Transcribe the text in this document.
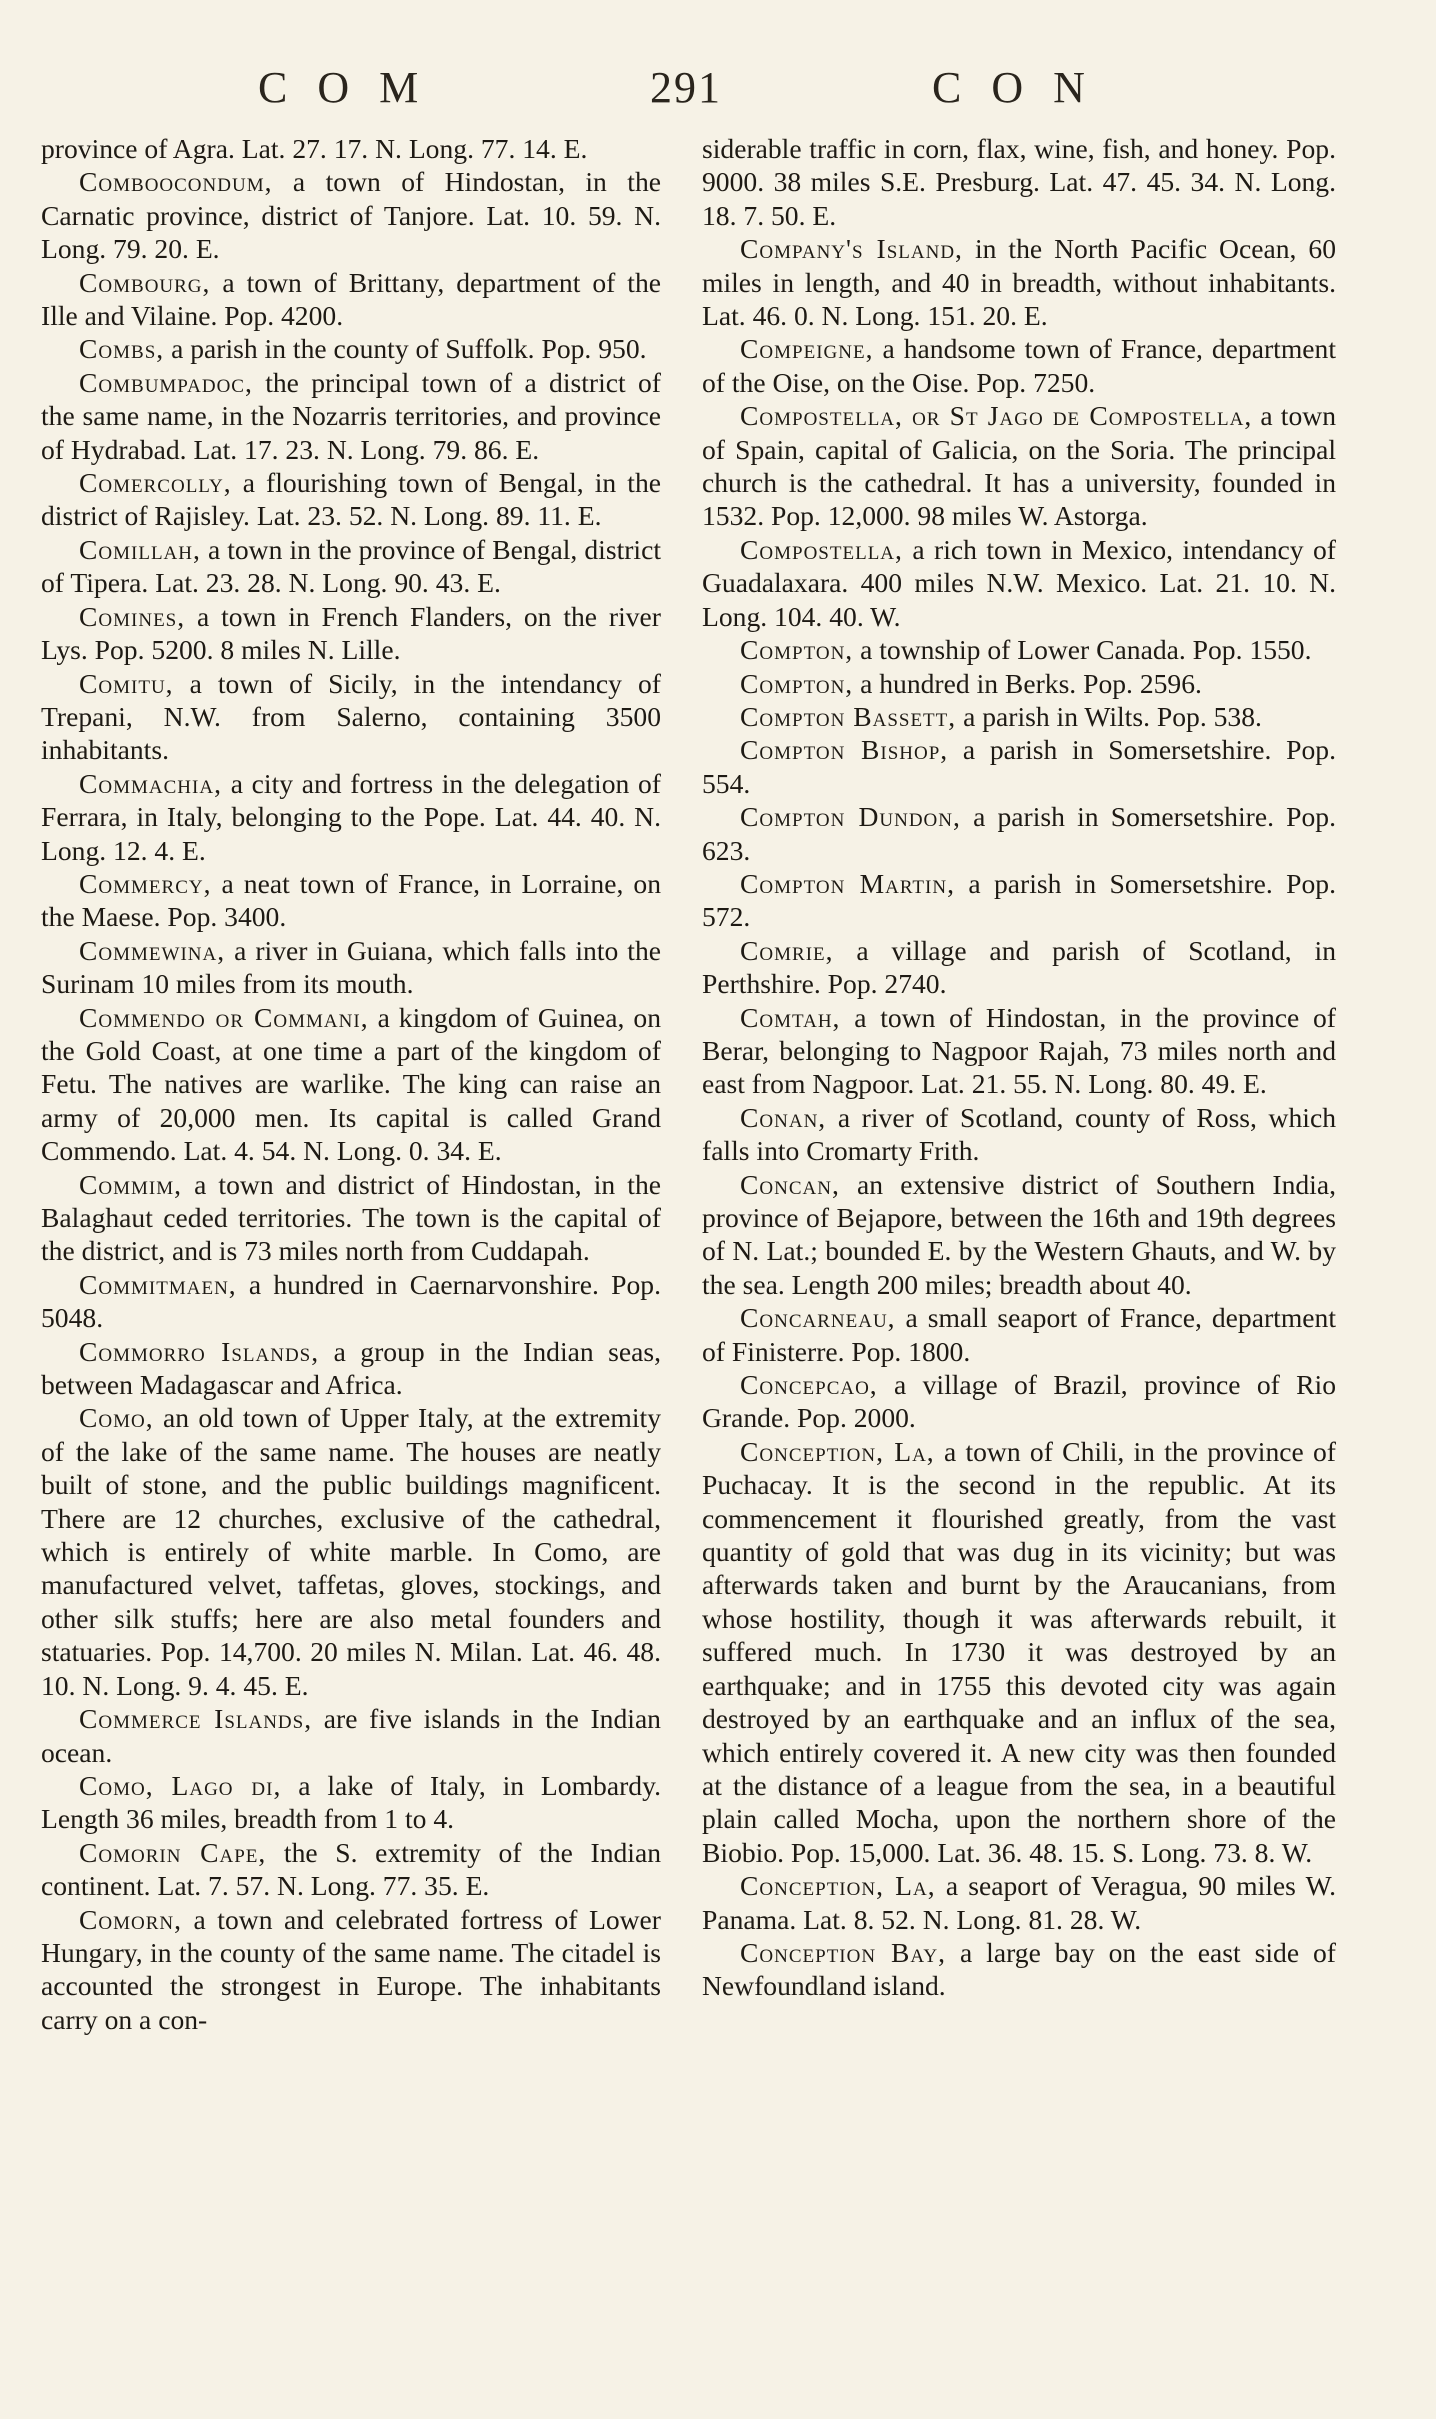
COM	291	CON

province of Agra. Lat. 27. 17. N. Long. 77. 14. E.

Comboocondum, a town of Hindostan, in the Carnatic province, district of Tanjore. Lat. 10. 59. N. Long. 79. 20. E.

Combourg, a town of Brittany, department of the Ille and Vilaine. Pop. 4200.

Combs, a parish in the county of Suffolk. Pop. 950.

Combumpadoc, the principal town of a district of the same name, in the Nozarris territories, and province of Hydrabad. Lat. 17. 23. N. Long. 79. 86. E.

Comercolly, a flourishing town of Bengal, in the district of Rajisley. Lat. 23. 52. N. Long. 89. 11. E.

Comillah, a town in the province of Bengal, district of Tipera. Lat. 23. 28. N. Long. 90. 43. E.

Comines, a town in French Flanders, on the river Lys. Pop. 5200. 8 miles N. Lille.

Comitu, a town of Sicily, in the intendancy of Trepani, N.W. from Salerno, containing 3500 inhabitants.

Commachia, a city and fortress in the delegation of Ferrara, in Italy, belonging to the Pope. Lat. 44. 40. N. Long. 12. 4. E.

Commercy, a neat town of France, in Lorraine, on the Maese. Pop. 3400.

Commewina, a river in Guiana, which falls into the Surinam 10 miles from its mouth.

Commendo or Commani, a kingdom of Guinea, on the Gold Coast, at one time a part of the kingdom of Fetu. The natives are warlike. The king can raise an army of 20,000 men. Its capital is called Grand Commendo. Lat. 4. 54. N. Long. 0. 34. E.

Commim, a town and district of Hindostan, in the Balaghaut ceded territories. The town is the capital of the district, and is 73 miles north from Cuddapah.

Commitmaen, a hundred in Caernarvonshire. Pop. 5048.

Commorro Islands, a group in the Indian seas, between Madagascar and Africa.

Como, an old town of Upper Italy, at the extremity of the lake of the same name. The houses are neatly built of stone, and the public buildings magnificent. There are 12 churches, exclusive of the cathedral, which is entirely of white marble. In Como, are manufactured velvet, taffetas, gloves, stockings, and other silk stuffs; here are also metal founders and statuaries. Pop. 14,700. 20 miles N. Milan. Lat. 46. 48. 10. N. Long. 9. 4. 45. E.

Commerce Islands, are five islands in the Indian ocean.

Como, Lago di, a lake of Italy, in Lombardy. Length 36 miles, breadth from 1 to 4.

Comorin Cape, the S. extremity of the Indian continent. Lat. 7. 57. N. Long. 77. 35. E.

Comorn, a town and celebrated fortress of Lower Hungary, in the county of the same name. The citadel is accounted the strongest in Europe. The inhabitants carry on a con-

siderable traffic in corn, flax, wine, fish, and honey. Pop. 9000. 38 miles S.E. Presburg. Lat. 47. 45. 34. N. Long. 18. 7. 50. E.

Company's Island, in the North Pacific Ocean, 60 miles in length, and 40 in breadth, without inhabitants. Lat. 46. 0. N. Long. 151. 20. E.

Compeigne, a handsome town of France, department of the Oise, on the Oise. Pop. 7250.

Compostella, or St Jago de Compostella, a town of Spain, capital of Galicia, on the Soria. The principal church is the cathedral. It has a university, founded in 1532. Pop. 12,000. 98 miles W. Astorga.

Compostella, a rich town in Mexico, intendancy of Guadalaxara. 400 miles N.W. Mexico. Lat. 21. 10. N. Long. 104. 40. W.

Compton, a township of Lower Canada. Pop. 1550.

Compton, a hundred in Berks. Pop. 2596.

Compton Bassett, a parish in Wilts. Pop. 538.

Compton Bishop, a parish in Somersetshire. Pop. 554.

Compton Dundon, a parish in Somersetshire. Pop. 623.

Compton Martin, a parish in Somersetshire. Pop. 572.

Comrie, a village and parish of Scotland, in Perthshire. Pop. 2740.

Comtah, a town of Hindostan, in the province of Berar, belonging to Nagpoor Rajah, 73 miles north and east from Nagpoor. Lat. 21. 55. N. Long. 80. 49. E.

Conan, a river of Scotland, county of Ross, which falls into Cromarty Frith.

Concan, an extensive district of Southern India, province of Bejapore, between the 16th and 19th degrees of N. Lat.; bounded E. by the Western Ghauts, and W. by the sea. Length 200 miles; breadth about 40.

Concarneau, a small seaport of France, department of Finisterre. Pop. 1800.

Concepcao, a village of Brazil, province of Rio Grande. Pop. 2000.

Conception, La, a town of Chili, in the province of Puchacay. It is the second in the republic. At its commencement it flourished greatly, from the vast quantity of gold that was dug in its vicinity; but was afterwards taken and burnt by the Araucanians, from whose hostility, though it was afterwards rebuilt, it suffered much. In 1730 it was destroyed by an earthquake; and in 1755 this devoted city was again destroyed by an earthquake and an influx of the sea, which entirely covered it. A new city was then founded at the distance of a league from the sea, in a beautiful plain called Mocha, upon the northern shore of the Biobio. Pop. 15,000. Lat. 36. 48. 15. S. Long. 73. 8. W.

Conception, La, a seaport of Veragua, 90 miles W. Panama. Lat. 8. 52. N. Long. 81. 28. W.

Conception Bay, a large bay on the east side of Newfoundland island.
